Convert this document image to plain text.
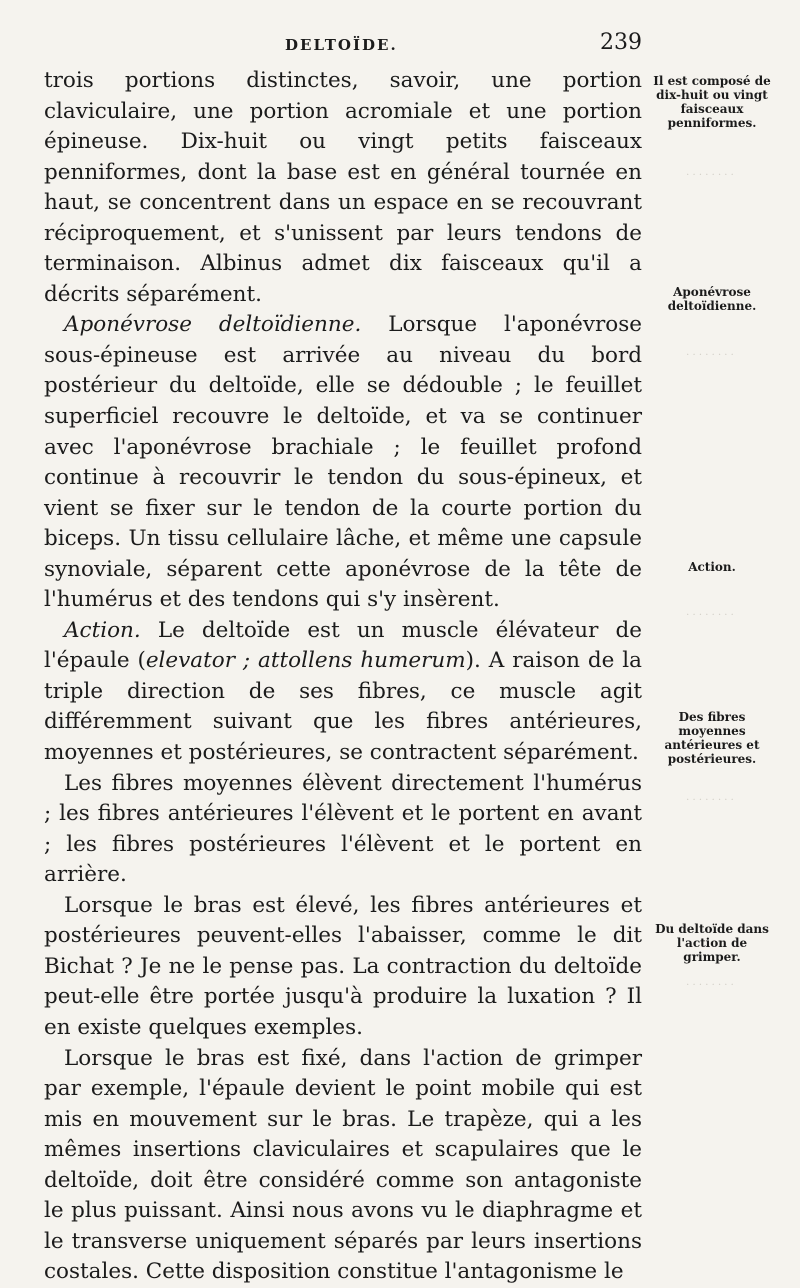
DELTOÏDE.	239

trois portions distinctes, savoir, une portion claviculaire, une portion acromiale et une portion épineuse. Dix-huit ou vingt petits faisceaux penniformes, dont la base est en général tournée en haut, se concentrent dans un espace en se recouvrant réciproquement, et s'unissent par leurs tendons de terminaison. Albinus admet dix faisceaux qu'il a décrits séparément.

Aponévrose deltoïdienne. Lorsque l'aponévrose sous-épineuse est arrivée au niveau du bord postérieur du deltoïde, elle se dédouble ; le feuillet superficiel recouvre le deltoïde, et va se continuer avec l'aponévrose brachiale ; le feuillet profond continue à recouvrir le tendon du sous-épineux, et vient se fixer sur le tendon de la courte portion du biceps. Un tissu cellulaire lâche, et même une capsule synoviale, séparent cette aponévrose de la tête de l'humérus et des tendons qui s'y insèrent.

Action. Le deltoïde est un muscle élévateur de l'épaule (elevator ; attollens humerum). A raison de la triple direction de ses fibres, ce muscle agit différemment suivant que les fibres antérieures, moyennes et postérieures, se contractent séparément.

Les fibres moyennes élèvent directement l'humérus ; les fibres antérieures l'élèvent et le portent en avant ; les fibres postérieures l'élèvent et le portent en arrière.

Lorsque le bras est élevé, les fibres antérieures et postérieures peuvent-elles l'abaisser, comme le dit Bichat ? Je ne le pense pas. La contraction du deltoïde peut-elle être portée jusqu'à produire la luxation ? Il en existe quelques exemples.

Lorsque le bras est fixé, dans l'action de grimper par exemple, l'épaule devient le point mobile qui est mis en mouvement sur le bras. Le trapèze, qui a les mêmes insertions claviculaires et scapulaires que le deltoïde, doit être considéré comme son antagoniste le plus puissant. Ainsi nous avons vu le diaphragme et le transverse uniquement séparés par leurs insertions costales. Cette disposition constitue l'antagonisme le

Il est composé de dix-huit ou vingt faisceaux penniformes.
Aponévrose deltoïdienne.
Action.
Des fibres moyennes antérieures et postérieures.
Du deltoïde dans l'action de grimper.
· · · · · · · ·
· · · · · · · ·
· · · · · · · ·
· · · · · · · ·
· · · · · · · ·
